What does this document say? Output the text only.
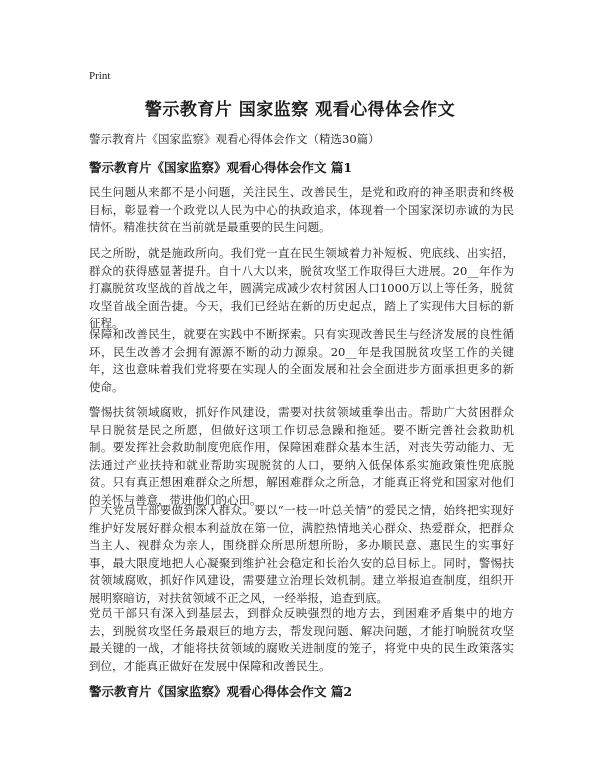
Print
警示教育片 国家监察 观看心得体会作文
警示教育片《国家监察》观看心得体会作文（精选30篇）
警示教育片《国家监察》观看心得体会作文 篇1
民生问题从来都不是小问题，关注民生、改善民生，是党和政府的神圣职责和终极目标，彰显着一个政党以人民为中心的执政追求，体现着一个国家深切赤诚的为民情怀。精准扶贫在当前就是最重要的民生问题。
民之所盼，就是施政所向。我们党一直在民生领域着力补短板、兜底线、出实招，群众的获得感显著提升。自十八大以来，脱贫攻坚工作取得巨大进展。20__年作为打赢脱贫攻坚战的首战之年，圆满完成减少农村贫困人口1000万以上等任务，脱贫攻坚首战全面告捷。今天，我们已经站在新的历史起点，踏上了实现伟大目标的新征程。
保障和改善民生，就要在实践中不断探索。只有实现改善民生与经济发展的良性循环，民生改善才会拥有源源不断的动力源泉。20__年是我国脱贫攻坚工作的关键年，这也意味着我们党将要在实现人的全面发展和社会全面进步方面承担更多的新使命。
警惕扶贫领域腐败，抓好作风建设，需要对扶贫领域重拳出击。帮助广大贫困群众早日脱贫是民之所愿，但做好这项工作切忌急躁和拖延。要不断完善社会救助机制。要发挥社会救助制度兜底作用，保障困难群众基本生活，对丧失劳动能力、无法通过产业扶持和就业帮助实现脱贫的人口，要纳入低保体系实施政策性兜底脱贫。只有真正想困难群众之所想，解困难群众之所急，才能真正将党和国家对他们的关怀与善意，带进他们的心田。
广大党员干部要做到深入群众。要以“一枝一叶总关情”的爱民之情，始终把实现好维护好发展好群众根本利益放在第一位，满腔热情地关心群众、热爱群众，把群众当主人、视群众为亲人，围绕群众所思所想所盼，多办顺民意、惠民生的实事好事，最大限度地把人心凝聚到维护社会稳定和长治久安的总目标上。同时，警惕扶贫领域腐败，抓好作风建设，需要建立治理长效机制。建立举报追查制度，组织开展明察暗访，对扶贫领域不正之风，一经举报，追查到底。
党员干部只有深入到基层去，到群众反映强烈的地方去，到困难矛盾集中的地方去，到脱贫攻坚任务最艰巨的地方去，帮发现问题、解决问题，才能打响脱贫攻坚最关键的一战，才能将扶贫领域的腐败关进制度的笼子，将党中央的民生政策落实到位，才能真正做好在发展中保障和改善民生。
警示教育片《国家监察》观看心得体会作文 篇2
